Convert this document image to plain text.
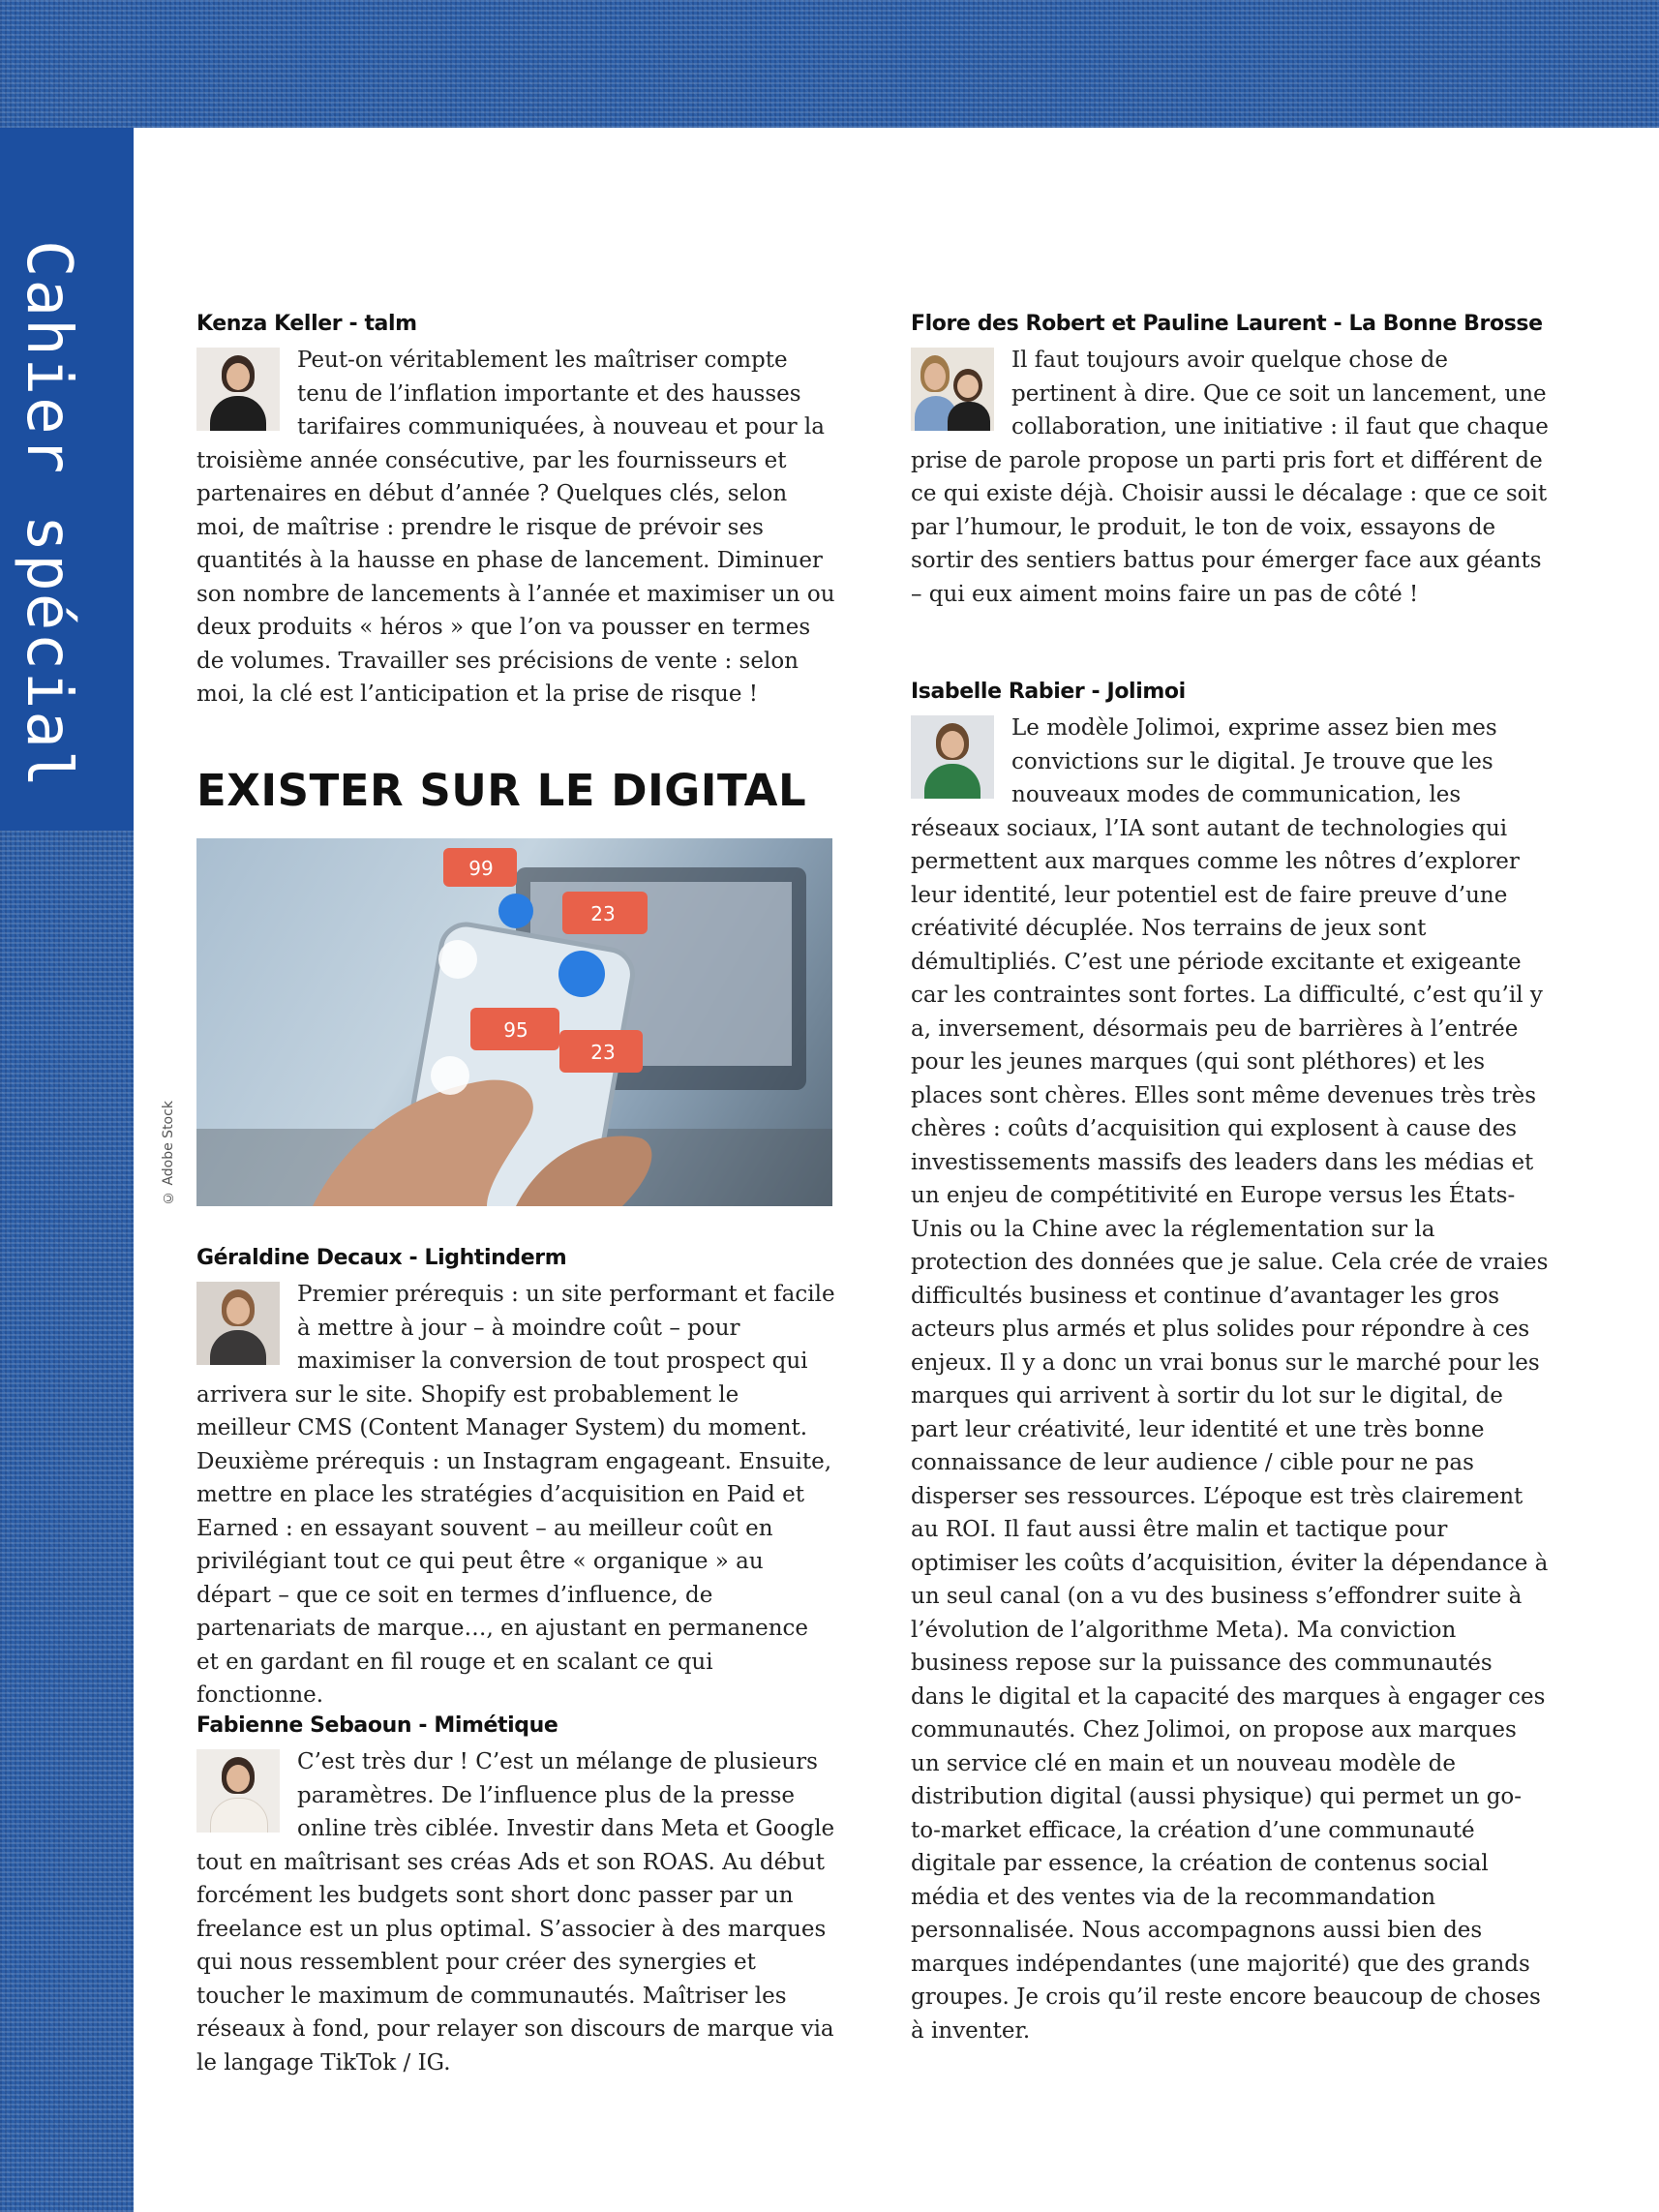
Cahier spécial	Kenza Keller - talm

Peut-on véritablement les maîtriser compte tenu de l’inflation importante et des hausses tarifaires communiquées, à nouveau et pour la troisième année consécutive, par les fournisseurs et partenaires en début d’année ? Quelques clés, selon moi, de maîtrise : prendre le risque de prévoir ses quantités à la hausse en phase de lancement. Diminuer son nombre de lancements à l’année et maximiser un ou deux produits « héros » que l’on va pousser en termes de volumes. Travailler ses précisions de vente : selon moi, la clé est l’anticipation et la prise de risque !

EXISTER SUR LE DIGITAL
99
23
95
23
© Adobe Stock
Géraldine Decaux - Lightinderm

Premier prérequis : un site performant et facile à mettre à jour – à moindre coût – pour maximiser la conversion de tout prospect qui arrivera sur le site. Shopify est probablement le meilleur CMS (Content Manager System) du moment. Deuxième prérequis : un Instagram engageant. Ensuite, mettre en place les stratégies d’acquisition en Paid et Earned : en essayant souvent – au meilleur coût en privilégiant tout ce qui peut être « organique » au départ – que ce soit en termes d’influence, de partenariats de marque…, en ajustant en permanence et en gardant en fil rouge et en scalant ce qui fonctionne.

Fabienne Sebaoun - Mimétique

C’est très dur ! C’est un mélange de plusieurs paramètres. De l’influence plus de la presse online très ciblée. Investir dans Meta et Google tout en maîtrisant ses créas Ads et son ROAS. Au début forcément les budgets sont short donc passer par un freelance est un plus optimal. S’associer à des marques qui nous ressemblent pour créer des synergies et toucher le maximum de communautés. Maîtriser les réseaux à fond, pour relayer son discours de marque via le langage TikTok / IG.

Flore des Robert et Pauline Laurent - La Bonne Brosse

Il faut toujours avoir quelque chose de pertinent à dire. Que ce soit un lancement, une collaboration, une initiative : il faut que chaque prise de parole propose un parti pris fort et différent de ce qui existe déjà. Choisir aussi le décalage : que ce soit par l’humour, le produit, le ton de voix, essayons de sortir des sentiers battus pour émerger face aux géants – qui eux aiment moins faire un pas de côté !

Isabelle Rabier - Jolimoi

Le modèle Jolimoi, exprime assez bien mes convictions sur le digital. Je trouve que les nouveaux modes de communication, les réseaux sociaux, l’IA sont autant de technologies qui permettent aux marques comme les nôtres d’explorer leur identité, leur potentiel est de faire preuve d’une créativité décuplée. Nos terrains de jeux sont démultipliés. C’est une période excitante et exigeante car les contraintes sont fortes. La difficulté, c’est qu’il y a, inversement, désormais peu de barrières à l’entrée pour les jeunes marques (qui sont pléthores) et les places sont chères. Elles sont même devenues très très chères : coûts d’acquisition qui explosent à cause des investissements massifs des leaders dans les médias et un enjeu de compétitivité en Europe versus les États-Unis ou la Chine avec la réglementation sur la protection des données que je salue. Cela crée de vraies difficultés business et continue d’avantager les gros acteurs plus armés et plus solides pour répondre à ces enjeux. Il y a donc un vrai bonus sur le marché pour les marques qui arrivent à sortir du lot sur le digital, de part leur créativité, leur identité et une très bonne connaissance de leur audience / cible pour ne pas disperser ses ressources. L’époque est très clairement au ROI. Il faut aussi être malin et tactique pour optimiser les coûts d’acquisition, éviter la dépendance à un seul canal (on a vu des business s’effondrer suite à l’évolution de l’algorithme Meta). Ma conviction business repose sur la puissance des communautés dans le digital et la capacité des marques à engager ces communautés. Chez Jolimoi, on propose aux marques un service clé en main et un nouveau modèle de distribution digital (aussi physique) qui permet un go-to-market efficace, la création d’une communauté digitale par essence, la création de contenus social média et des ventes via de la recommandation personnalisée. Nous accompagnons aussi bien des marques indépendantes (une majorité) que des grands groupes. Je crois qu’il reste encore beaucoup de choses à inventer.
